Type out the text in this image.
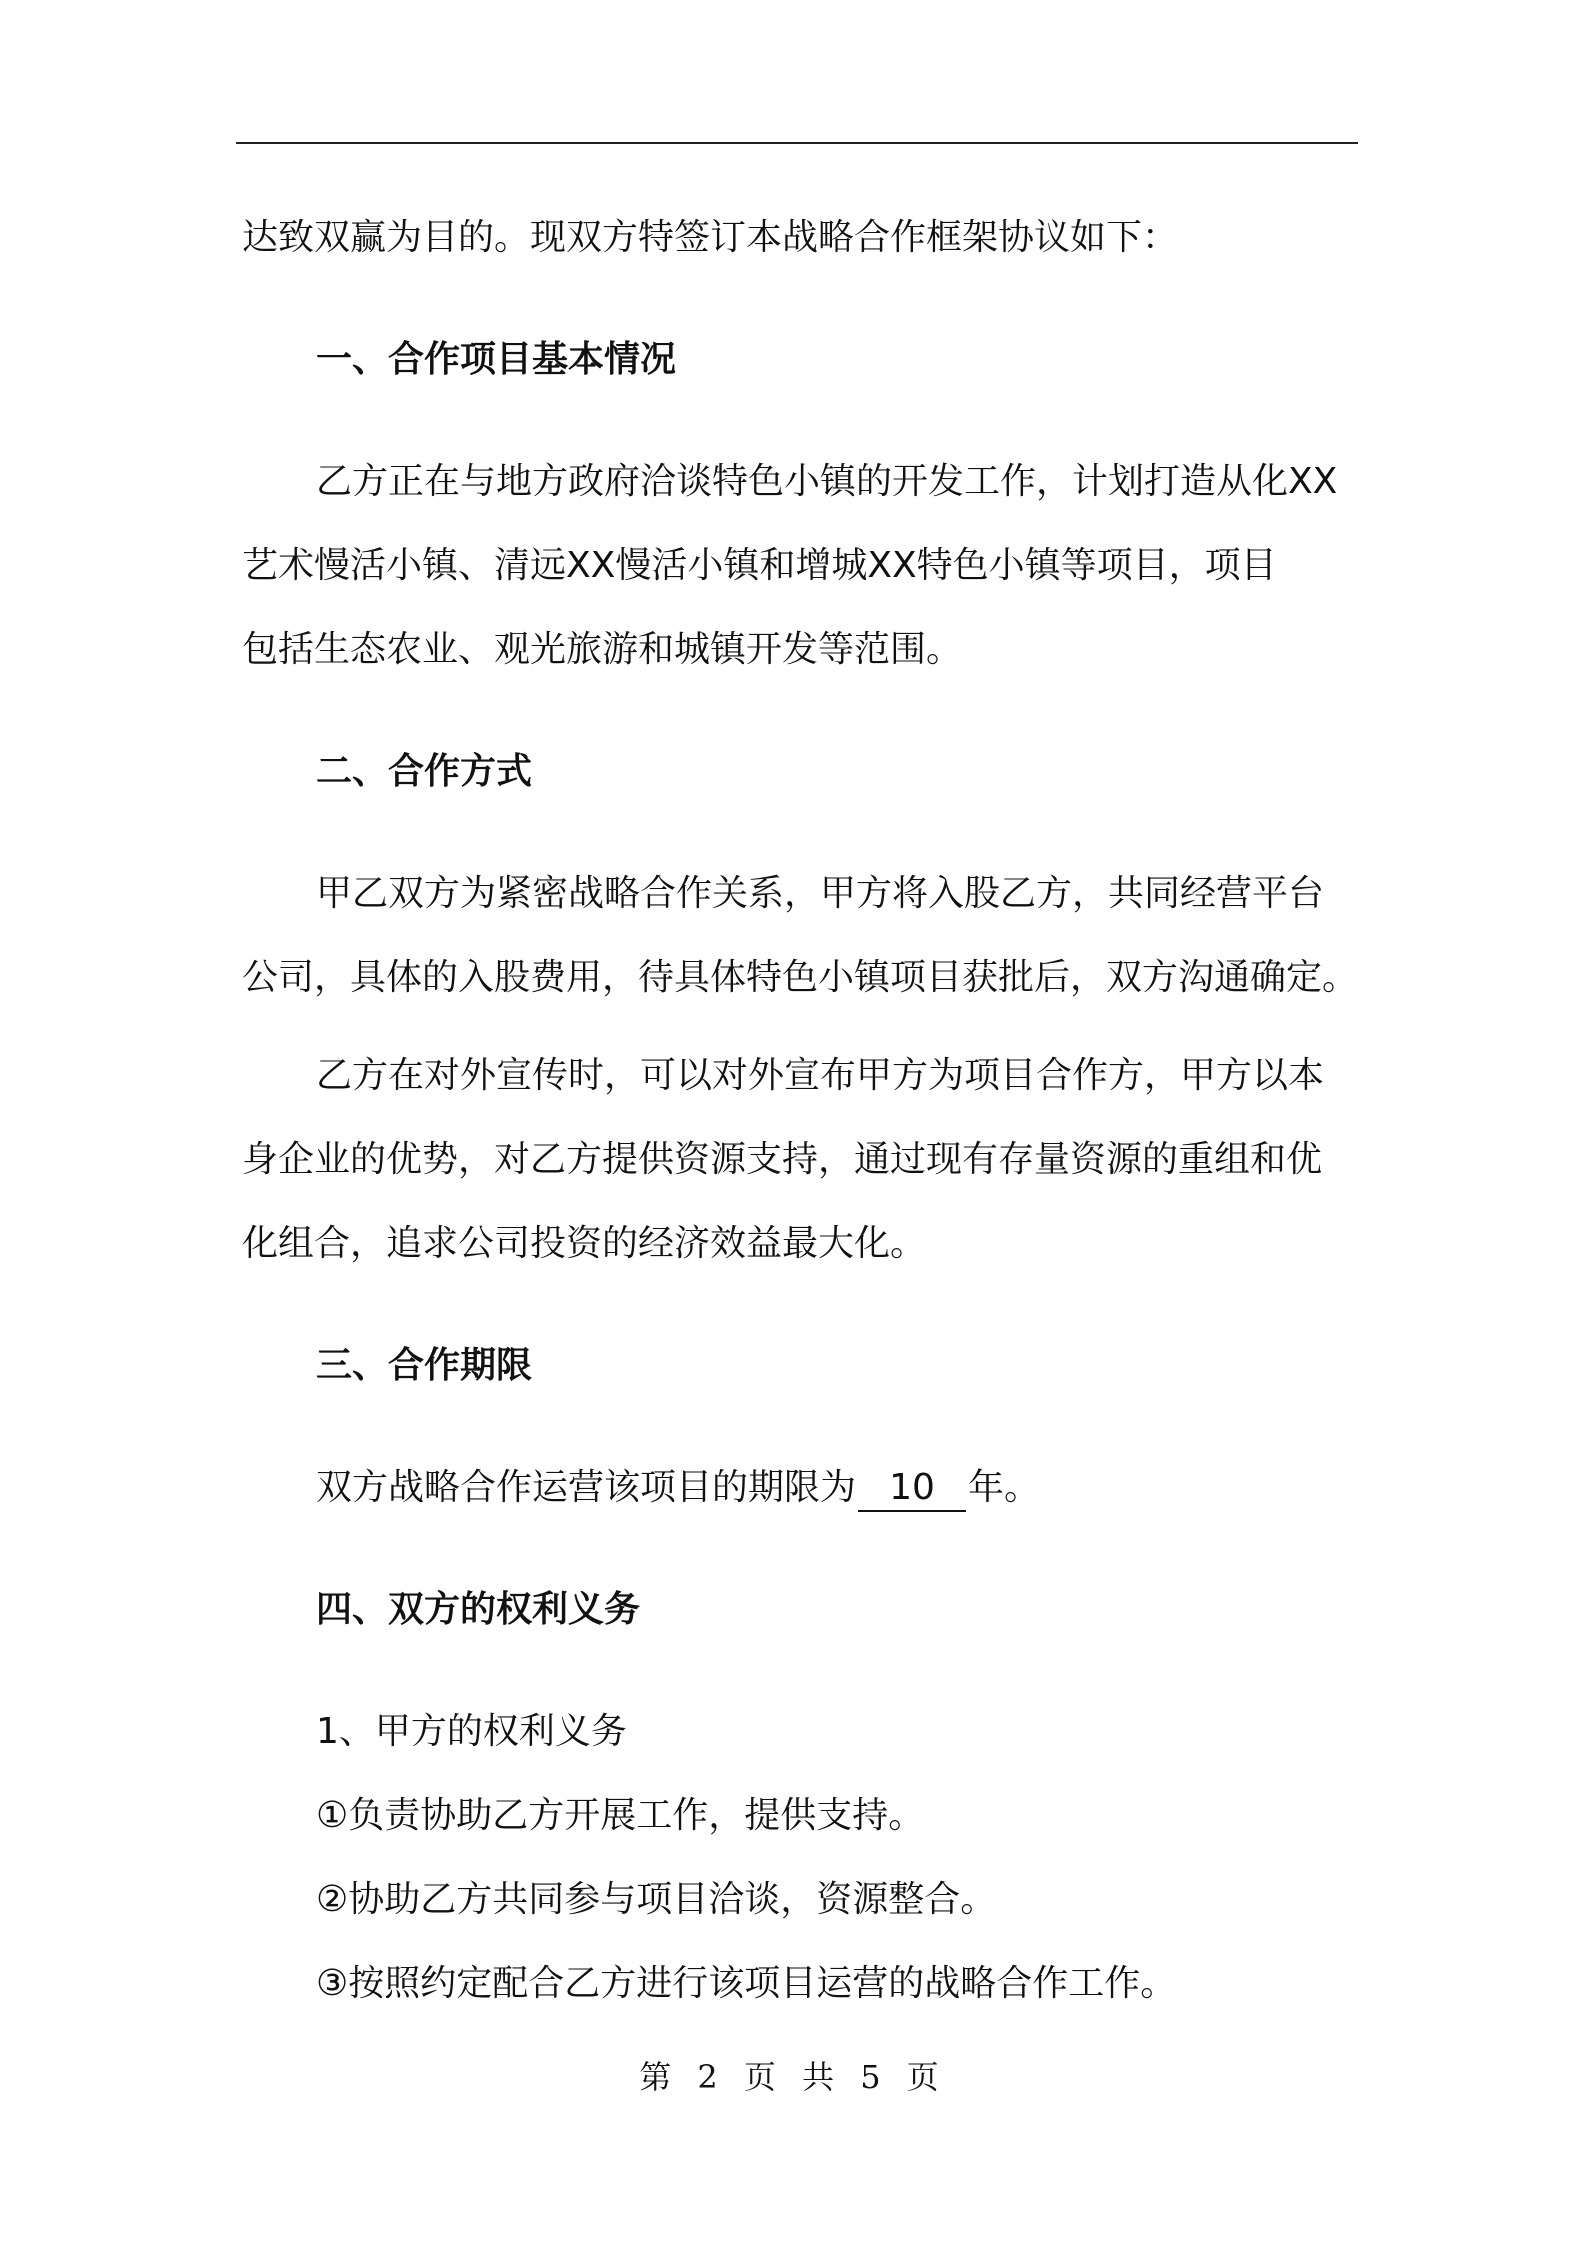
达致双赢为目的。现双方特签订本战略合作框架协议如下：

一、合作项目基本情况

乙方正在与地方政府洽谈特色小镇的开发工作，计划打造从化XX
艺术慢活小镇、清远XX慢活小镇和增城XX特色小镇等项目，项目
包括生态农业、观光旅游和城镇开发等范围。

二、合作方式

甲乙双方为紧密战略合作关系，甲方将入股乙方，共同经营平台
公司，具体的入股费用，待具体特色小镇项目获批后，双方沟通确定。

乙方在对外宣传时，可以对外宣布甲方为项目合作方，甲方以本
身企业的优势，对乙方提供资源支持，通过现有存量资源的重组和优
化组合，追求公司投资的经济效益最大化。

三、合作期限

双方战略合作运营该项目的期限为 10 年。

四、双方的权利义务

1、甲方的权利义务

①负责协助乙方开展工作，提供支持。

②协助乙方共同参与项目洽谈，资源整合。

③按照约定配合乙方进行该项目运营的战略合作工作。

第 2 页 共 5 页
